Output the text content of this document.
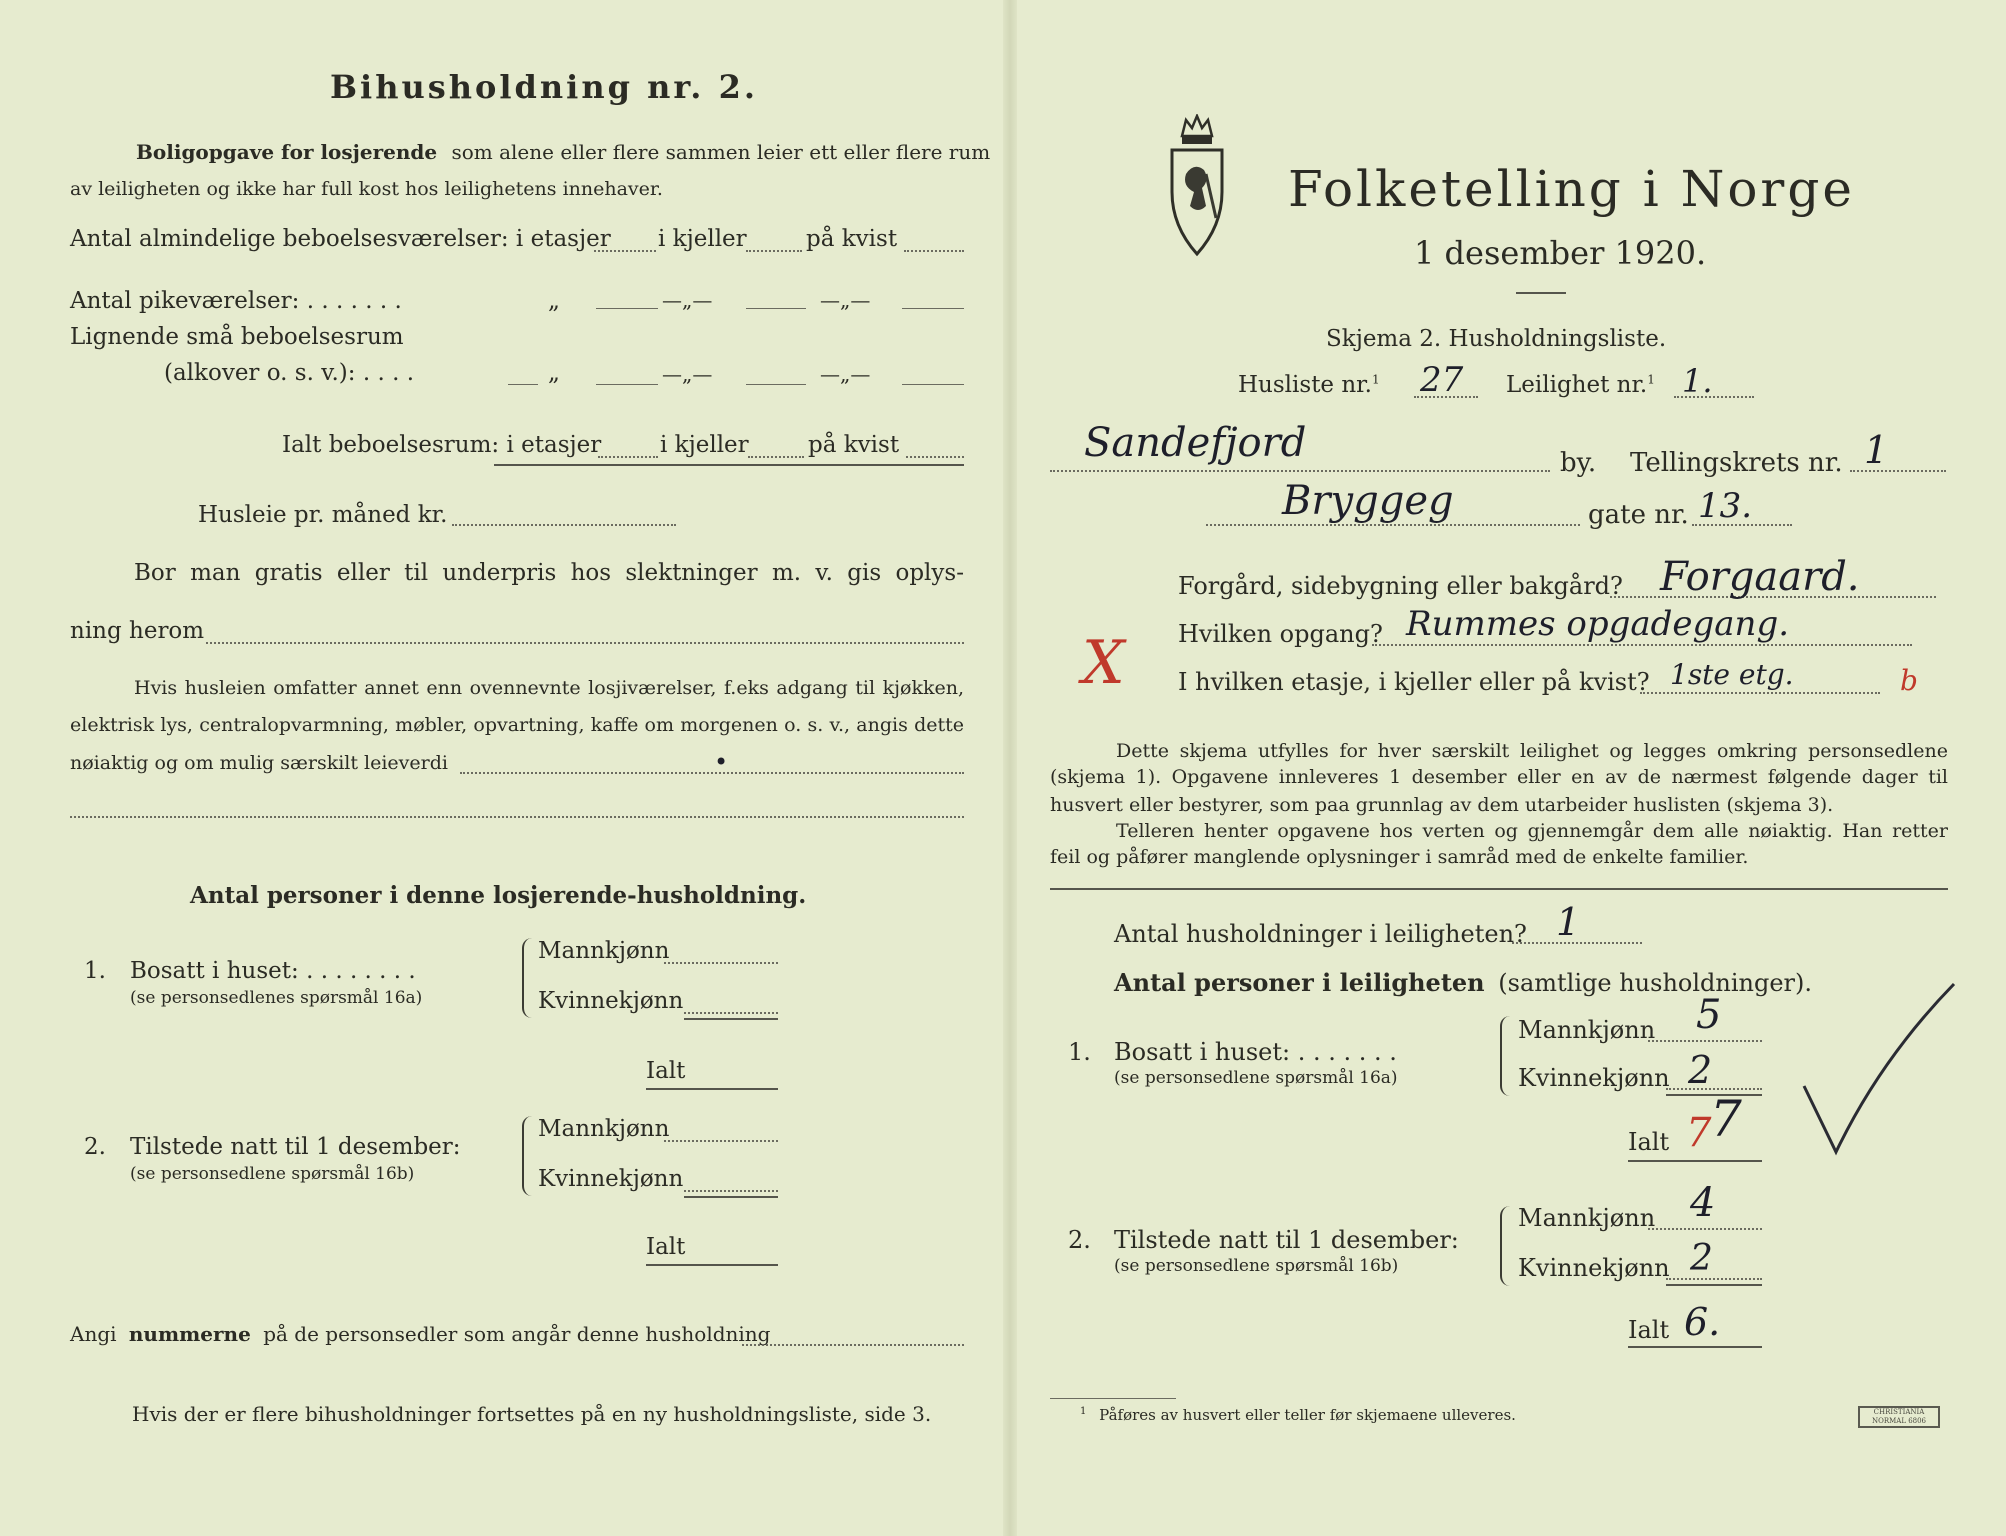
Bihusholdning nr. 2.
Boligopgave for losjerende som alene eller flere sammen leier ett eller flere rum
av leiligheten og ikke har full kost hos leilighetens innehaver.
Antal almindelige beboelsesværelser: i etasjer i kjeller	på kvist
Antal pikeværelser: . . . . . . .	„	—„—	—„—
Lignende små beboelsesrum
(alkover o. s. v.): . . . .	„	—„—	—„—
Ialt beboelsesrum: i etasjer	i kjeller	på kvist
Husleie pr. måned kr.
Bor man gratis eller til underpris hos slektninger m. v. gis oplys-
ning herom
Hvis husleien omfatter annet enn ovennevnte losjiværelser, f.eks adgang til kjøkken, elektrisk lys, centralopvarmning, møbler, opvartning, kaffe om morgenen o. s. v., angis dette
nøiaktig og om mulig særskilt leieverdi	•
Antal personer i denne losjerende-husholdning.
1. Bosatt i huset: . . . . . . . .
(se personsedlenes spørsmål 16a)
Mannkjønn
Kvinnekjønn
Ialt
2. Tilstede natt til 1 desember:
(se personsedlene spørsmål 16b)
Mannkjønn
Kvinnekjønn
Ialt
Angi nummerne på de personsedler som angår denne husholdning
Hvis der er flere bihusholdninger fortsettes på en ny husholdningsliste, side 3.
Folketelling i Norge
1 desember 1920.
Skjema 2. Husholdningsliste.
Husliste nr.$^1$ 27 Leilighet nr.$^1$ 1.
Sandefjord	by. Tellingskrets nr. 1
Bryggeg	gate nr. 13.
Forgård, sidebygning eller bakgård? Forgaard.
X Hvilken opgang? Rummes opgadegang.
I hvilken etasje, i kjeller eller på kvist? 1ste etg.	b
Dette skjema utfylles for hver særskilt leilighet og legges omkring personsedlene (skjema 1). Opgavene innleveres 1 desember eller en av de nærmest følgende dager til
husvert eller bestyrer, som paa grunnlag av dem utarbeider huslisten (skjema 3).
Telleren henter opgavene hos verten og gjennemgår dem alle nøiaktig. Han retter
feil og påfører manglende oplysninger i samråd med de enkelte familier.
Antal husholdninger i leiligheten? 1
Antal personer i leiligheten (samtlige husholdninger).
1. Bosatt i huset: . . . . . . .
(se personsedlene spørsmål 16a)
Mannkjønn 5
Kvinnekjønn 2
Ialt 7
7
2. Tilstede natt til 1 desember:
(se personsedlene spørsmål 16b)
Mannkjønn 4
Kvinnekjønn 2
Ialt 6.
$^1$ Påføres av husvert eller teller før skjemaene ulleveres.	CHRISTIANIA NORMAL 6806
